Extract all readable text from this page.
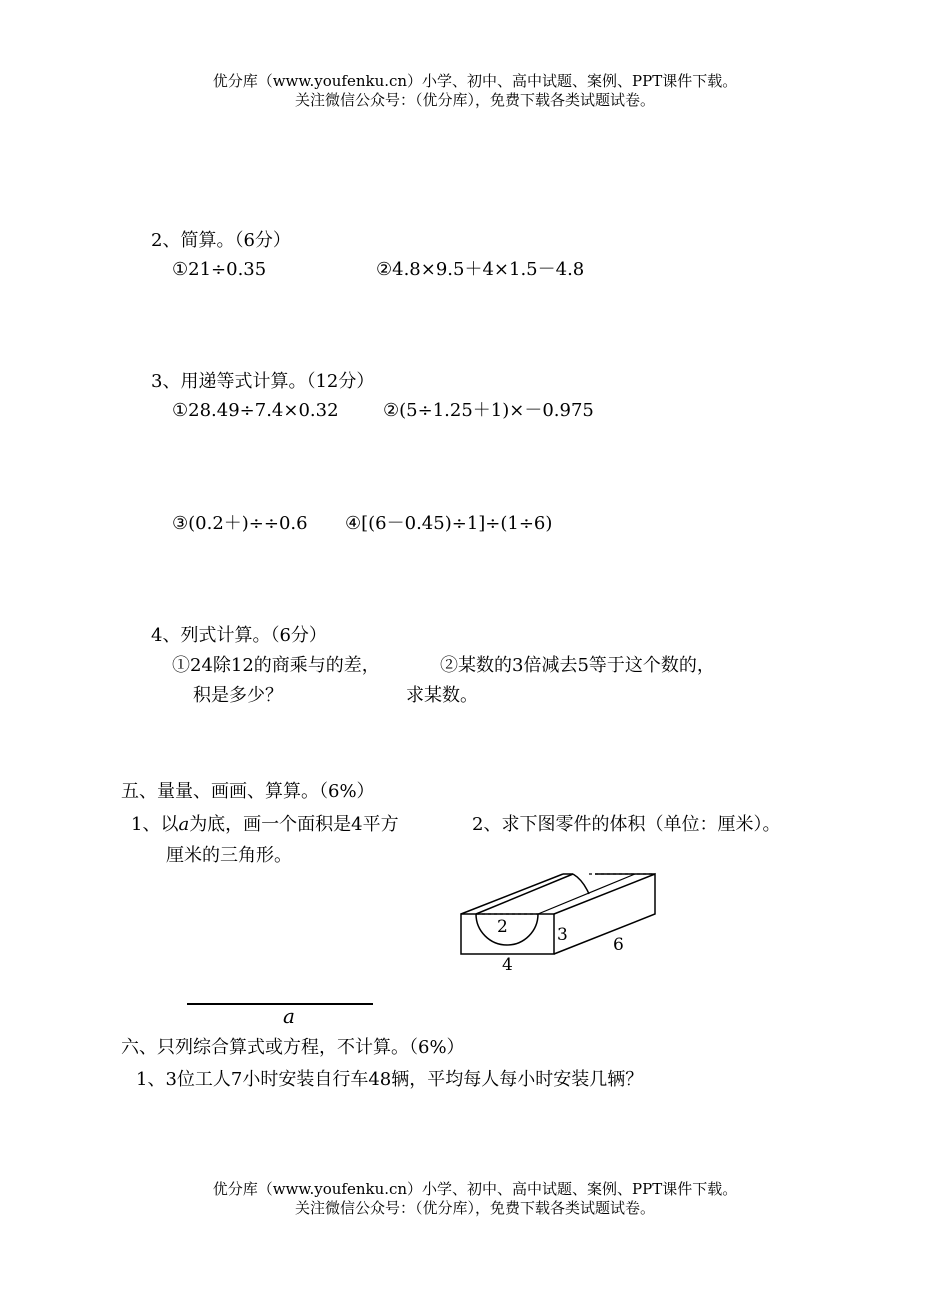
优分库（www.youfenku.cn）小学、初中、高中试题、案例、PPT课件下载。
关注微信公众号：（优分库），免费下载各类试题试卷。
2、简算。（6分）
①21÷0.35	②4.8×9.5＋4×1.5－4.8
3、用递等式计算。（12分）
①28.49÷7.4×0.32 ②(5÷1.25＋1)×－0.975
③(0.2＋)÷÷0.6 ④[(6－0.45)÷1]÷(1÷6)
4、列式计算。（6分）
①24除12的商乘与的差，
积是多少？
②某数的3倍减去5等于这个数的，
求某数。
五、量量、画画、算算。（6%）
1、以a为底，画一个面积是4平方
厘米的三角形。
2、求下图零件的体积（单位：厘米）。
a
2	3
4
6
六、只列综合算式或方程，不计算。（6%）
1、3位工人7小时安装自行车48辆，平均每人每小时安装几辆？
优分库（www.youfenku.cn）小学、初中、高中试题、案例、PPT课件下载。
关注微信公众号：（优分库），免费下载各类试题试卷。
